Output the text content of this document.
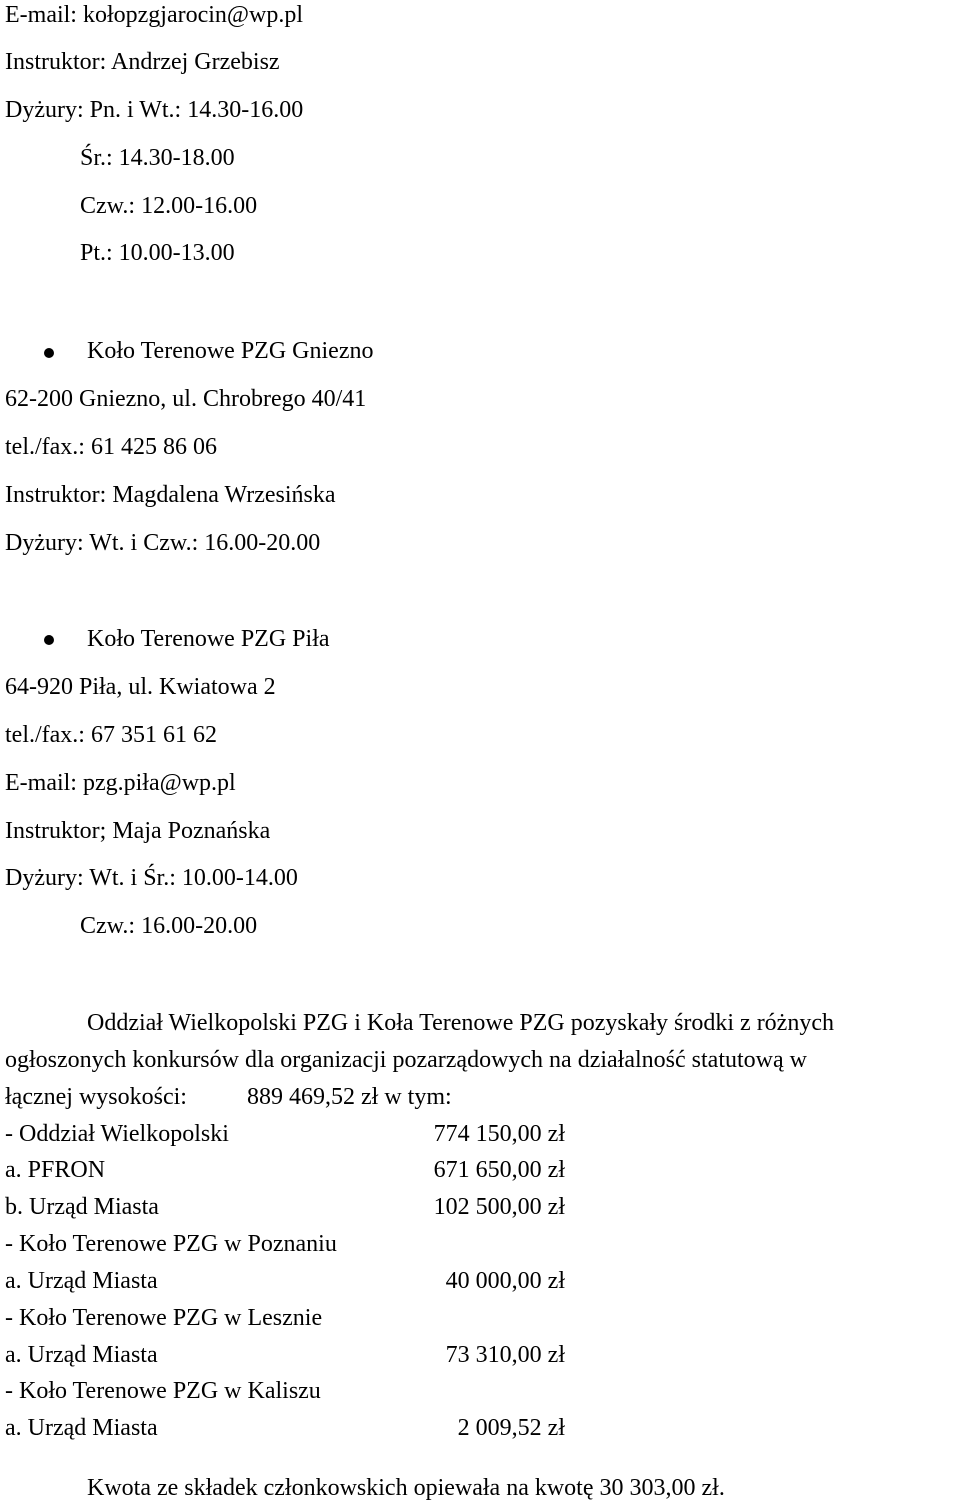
E-mail: kołopzgjarocin@wp.pl
Instruktor: Andrzej Grzebisz
Dyżury: Pn. i Wt.: 14.30-16.00
Śr.: 14.30-18.00
Czw.: 12.00-16.00
Pt.: 10.00-13.00
Koło Terenowe PZG Gniezno
62-200 Gniezno, ul. Chrobrego 40/41
tel./fax.: 61 425 86 06
Instruktor: Magdalena Wrzesińska
Dyżury: Wt. i Czw.: 16.00-20.00
Koło Terenowe PZG Piła
64-920 Piła, ul. Kwiatowa 2
tel./fax.: 67 351 61 62
E-mail: pzg.piła@wp.pl
Instruktor; Maja Poznańska
Dyżury: Wt. i Śr.: 10.00-14.00
Czw.: 16.00-20.00
Oddział Wielkopolski PZG i Koła Terenowe PZG pozyskały środki z różnych
ogłoszonych konkursów dla organizacji pozarządowych na działalność statutową w
łącznej wysokości:	889 469,52 zł w tym:
- Oddział Wielkopolski	774 150,00 zł
a. PFRON	671 650,00 zł
b. Urząd Miasta	102 500,00 zł
- Koło Terenowe PZG w Poznaniu
a. Urząd Miasta	40 000,00 zł
- Koło Terenowe PZG w Lesznie
a. Urząd Miasta	73 310,00 zł
- Koło Terenowe PZG w Kaliszu
a. Urząd Miasta	2 009,52 zł
Kwota ze składek członkowskich opiewała na kwotę 30 303,00 zł.
